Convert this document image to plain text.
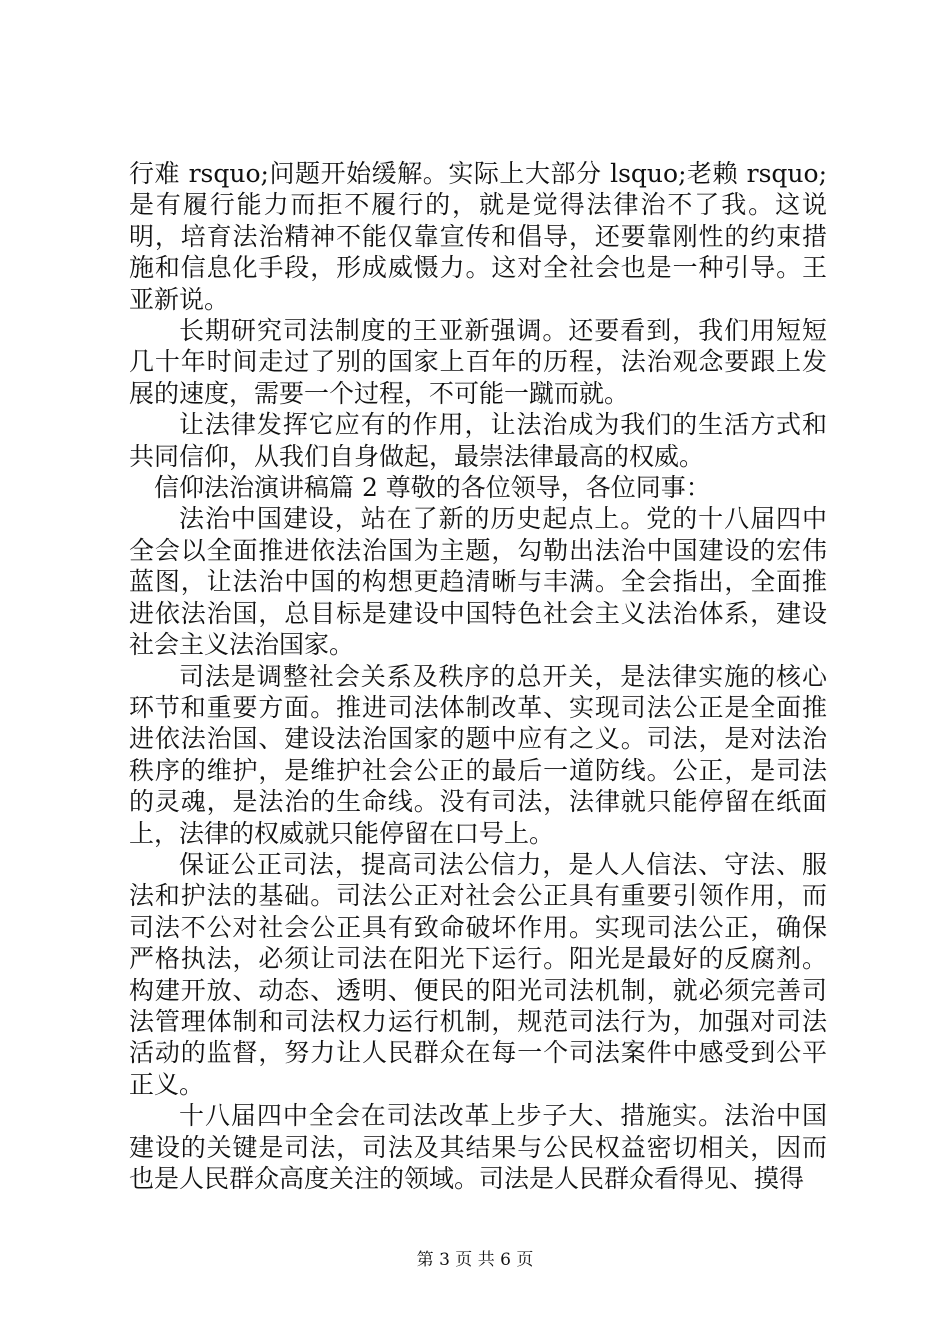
行难 rsquo;问题开始缓解。实际上大部分 lsquo;老赖 rsquo;是有履行能力而拒不履行的，就是觉得法律治不了我。这说明，培育法治精神不能仅靠宣传和倡导，还要靠刚性的约束措施和信息化手段，形成威慑力。这对全社会也是一种引导。王亚新说。

长期研究司法制度的王亚新强调。还要看到，我们用短短几十年时间走过了别的国家上百年的历程，法治观念要跟上发展的速度，需要一个过程，不可能一蹴而就。

让法律发挥它应有的作用，让法治成为我们的生活方式和共同信仰，从我们自身做起，最崇法律最高的权威。

信仰法治演讲稿篇 2 尊敬的各位领导，各位同事：

法治中国建设，站在了新的历史起点上。党的十八届四中全会以全面推进依法治国为主题，勾勒出法治中国建设的宏伟蓝图，让法治中国的构想更趋清晰与丰满。全会指出，全面推进依法治国，总目标是建设中国特色社会主义法治体系，建设社会主义法治国家。

司法是调整社会关系及秩序的总开关，是法律实施的核心环节和重要方面。推进司法体制改革、实现司法公正是全面推进依法治国、建设法治国家的题中应有之义。司法，是对法治秩序的维护，是维护社会公正的最后一道防线。公正，是司法的灵魂，是法治的生命线。没有司法，法律就只能停留在纸面上，法律的权威就只能停留在口号上。

保证公正司法，提高司法公信力，是人人信法、守法、服法和护法的基础。司法公正对社会公正具有重要引领作用，而司法不公对社会公正具有致命破坏作用。实现司法公正，确保严格执法，必须让司法在阳光下运行。阳光是最好的反腐剂。构建开放、动态、透明、便民的阳光司法机制，就必须完善司法管理体制和司法权力运行机制，规范司法行为，加强对司法活动的监督，努力让人民群众在每一个司法案件中感受到公平正义。

十八届四中全会在司法改革上步子大、措施实。法治中国建设的关键是司法，司法及其结果与公民权益密切相关，因而也是人民群众高度关注的领域。司法是人民群众看得见、摸得

第 3 页 共 6 页
